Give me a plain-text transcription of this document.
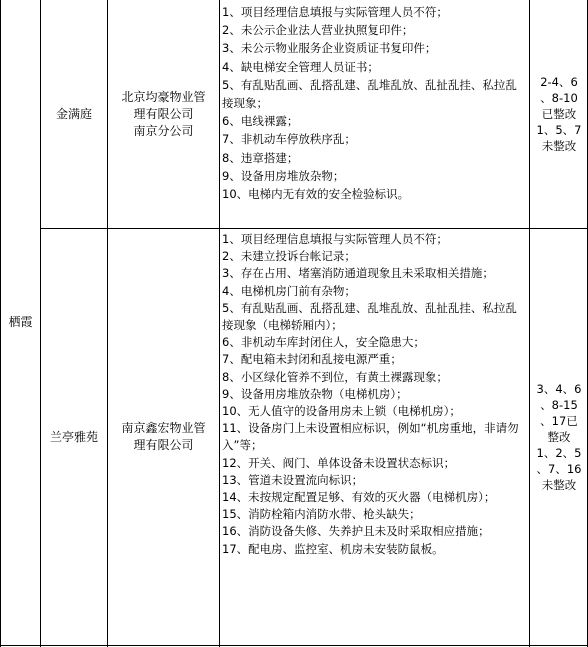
栖霞
金满庭
北京均豪物业管
理有限公司
南京分公司
1、项目经理信息填报与实际管理人员不符；
2、未公示企业法人营业执照复印件；
3、未公示物业服务企业资质证书复印件；
4、缺电梯安全管理人员证书；
5、有乱贴乱画、乱搭乱建、乱堆乱放、乱扯乱挂、私拉乱接现象；
6、电线裸露；
7、非机动车停放秩序乱；
8、违章搭建；
9、设备用房堆放杂物；
10、电梯内无有效的安全检验标识。
2-4、6
、8-10
已整改
1、5、7
未整改
兰亭雅苑
南京鑫宏物业管
理有限公司
1、项目经理信息填报与实际管理人员不符；
2、未建立投诉台帐记录；
3、存在占用、堵塞消防通道现象且未采取相关措施；
4、电梯机房门前有杂物；
5、有乱贴乱画、乱搭乱建、乱堆乱放、乱扯乱挂、私拉乱接现象（电梯轿厢内）；
6、非机动车库封闭住人，安全隐患大；
7、配电箱未封闭和乱接电源严重；
8、小区绿化管养不到位，有黄土裸露现象；
9、设备用房堆放杂物（电梯机房）；
10、无人值守的设备用房未上锁（电梯机房）；
11、设备房门上未设置相应标识，例如“机房重地，非请勿入”等；
12、开关、阀门、单体设备未设置状态标识；
13、管道未设置流向标识；
14、未按规定配置足够、有效的灭火器（电梯机房）；
15、消防栓箱内消防水带、枪头缺失；
16、消防设备失修、失养护且未及时采取相应措施；
17、配电房、监控室、机房未安装防鼠板。
3、4、6
、8-15
、17已
整改
1、2、5
、7、16
未整改
